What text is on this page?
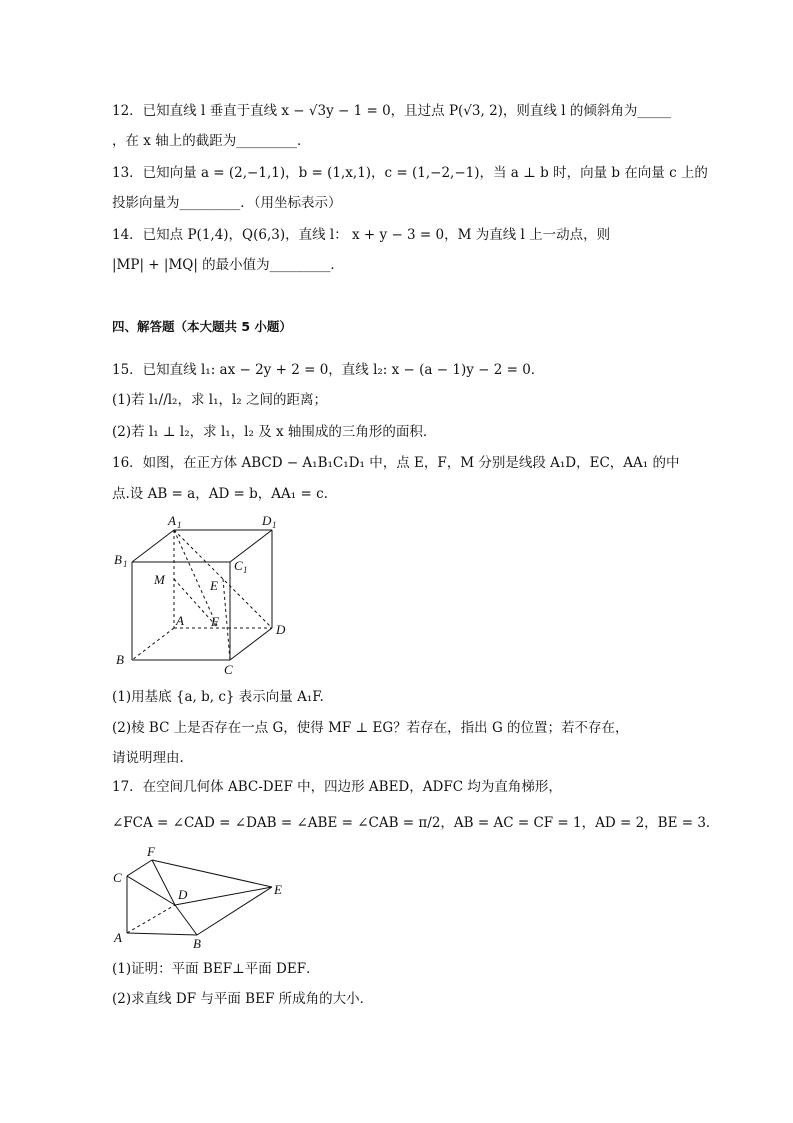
12．已知直线 l 垂直于直线 x − √3y − 1 = 0，且过点 P(√3, 2)，则直线 l 的倾斜角为_____
，在 x 轴上的截距为_________．
13．已知向量 a = (2,−1,1)，b = (1,x,1)，c = (1,−2,−1)，当 a ⊥ b 时，向量 b 在向量 c 上的
投影向量为_________．（用坐标表示）
14．已知点 P(1,4)，Q(6,3)，直线 l： x + y − 3 = 0，M 为直线 l 上一动点，则
|MP| + |MQ| 的最小值为_________．
四、解答题（本大题共 5 小题）
15．已知直线 l₁: ax − 2y + 2 = 0，直线 l₂: x − (a − 1)y − 2 = 0．
(1)若 l₁//l₂，求 l₁，l₂ 之间的距离；
(2)若 l₁ ⊥ l₂，求 l₁，l₂ 及 x 轴围成的三角形的面积．
16．如图，在正方体 ABCD − A₁B₁C₁D₁ 中，点 E，F，M 分别是线段 A₁D，EC，AA₁ 的中
点.设 AB = a，AD = b，AA₁ = c.
A 1	D 1
B 1	C 1
M	E
A F
D
B
C
(1)用基底 {a, b, c} 表示向量 A₁F.
(2)棱 BC 上是否存在一点 G，使得 MF ⊥ EG？若存在，指出 G 的位置；若不存在，
请说明理由.
17．在空间几何体 ABC-DEF 中，四边形 ABED，ADFC 均为直角梯形，
∠FCA = ∠CAD = ∠DAB = ∠ABE = ∠CAB = π/2，AB = AC = CF = 1，AD = 2，BE = 3．
F
C
D	E
A	B
(1)证明：平面 BEF⊥平面 DEF．
(2)求直线 DF 与平面 BEF 所成角的大小．
